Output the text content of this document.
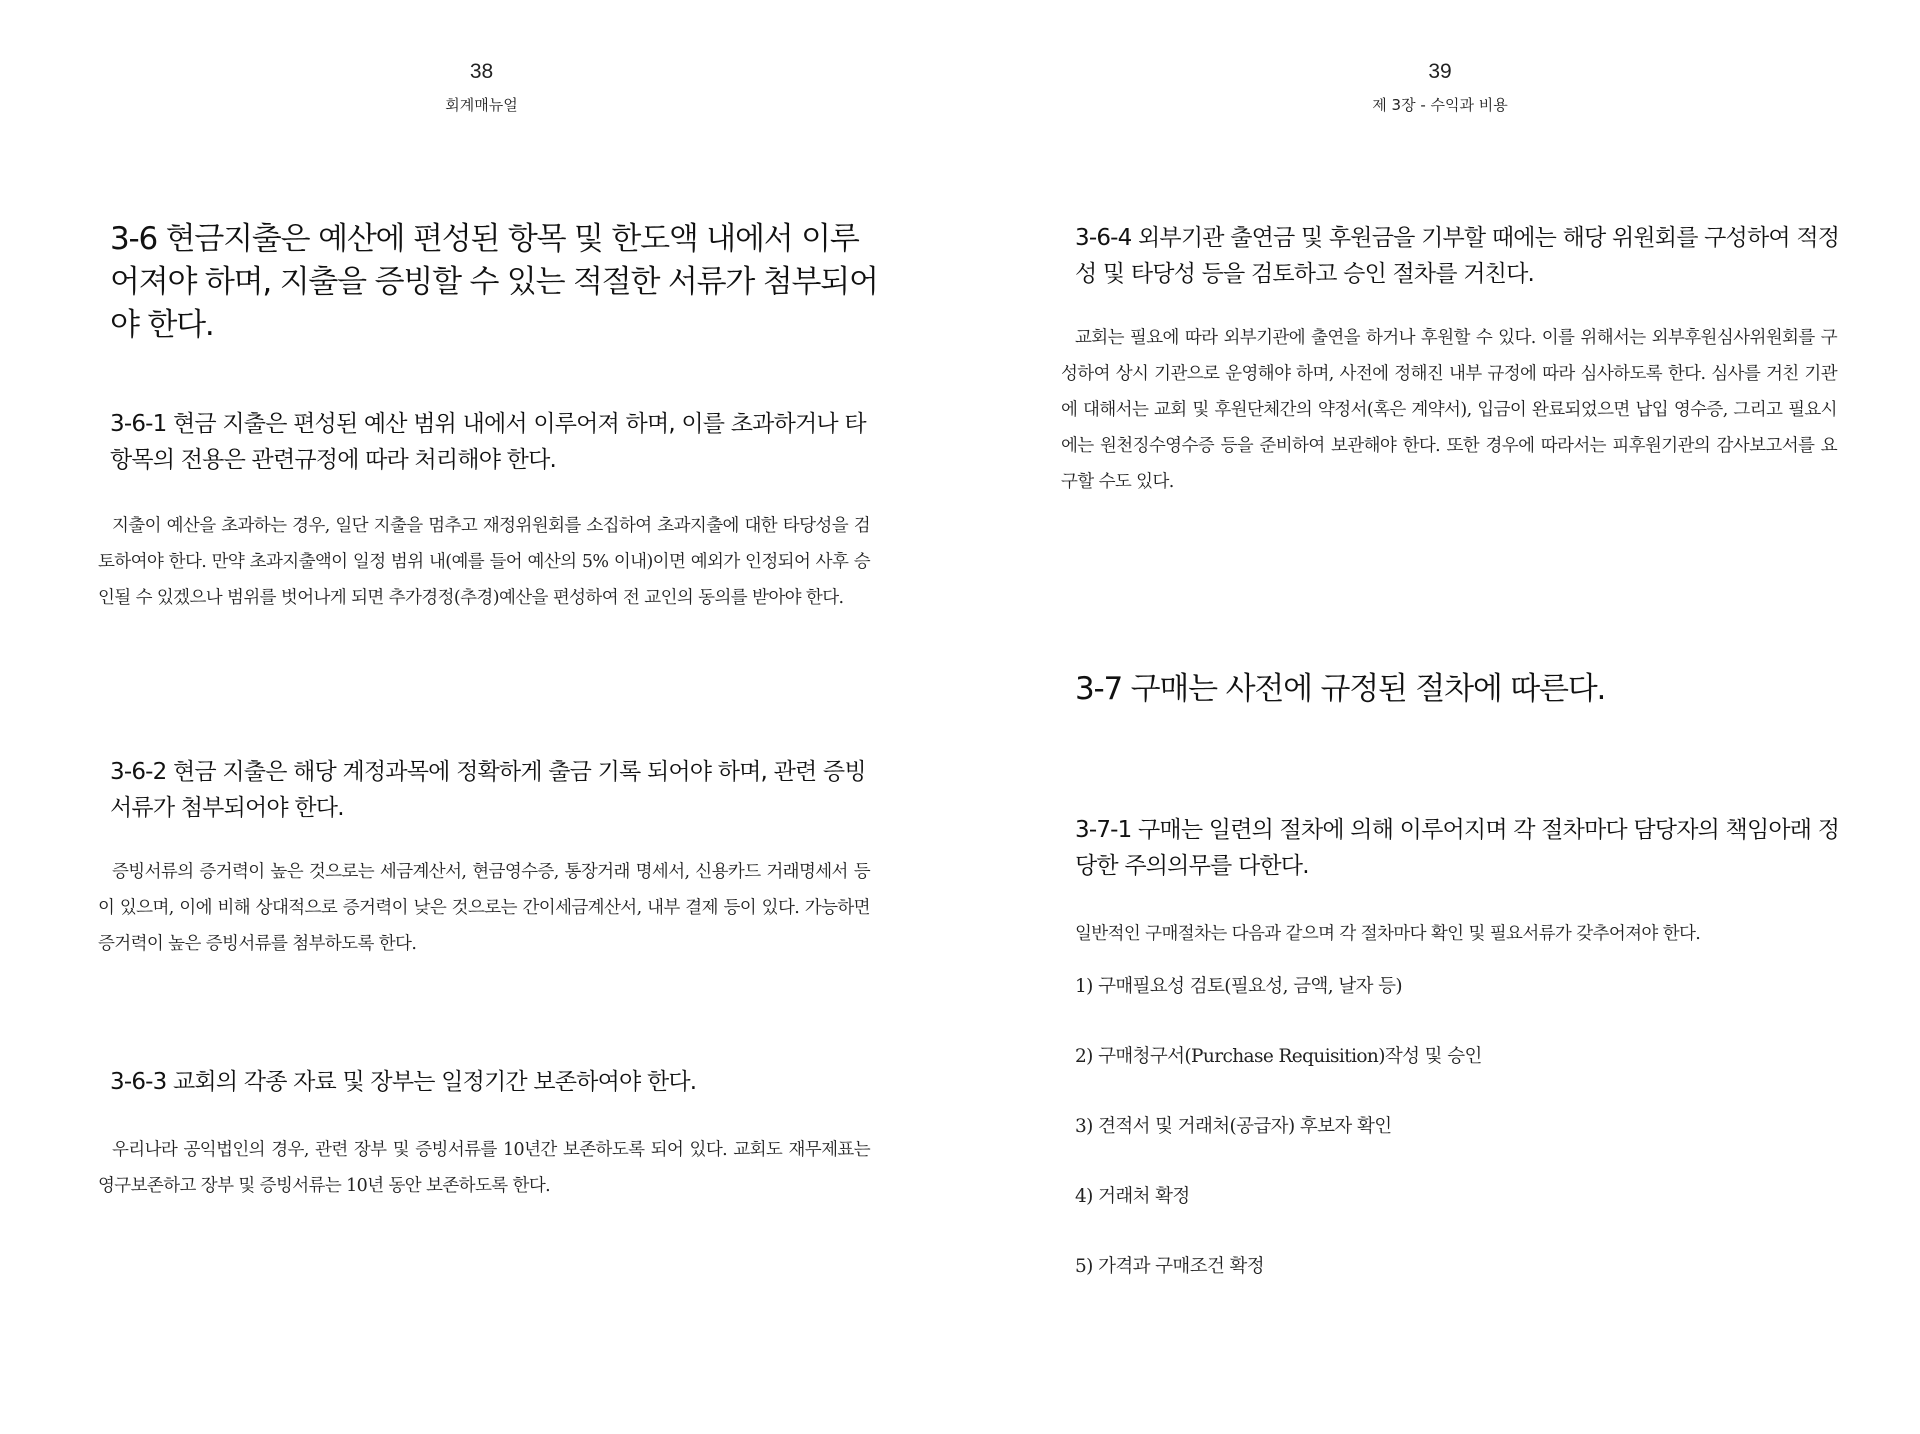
38
회계매뉴얼
3-6 현금지출은 예산에 편성된 항목 및 한도액 내에서 이루어져야 하며, 지출을 증빙할 수 있는 적절한 서류가 첨부되어야 한다.
3-6-1 현금 지출은 편성된 예산 범위 내에서 이루어져 하며, 이를 초과하거나 타 항목의 전용은 관련규정에 따라 처리해야 한다.

지출이 예산을 초과하는 경우, 일단 지출을 멈추고 재정위원회를 소집하여 초과지출에 대한 타당성을 검토하여야 한다. 만약 초과지출액이 일정 범위 내(예를 들어 예산의 5% 이내)이면 예외가 인정되어 사후 승인될 수 있겠으나 범위를 벗어나게 되면 추가경정(추경)예산을 편성하여 전 교인의 동의를 받아야 한다.

3-6-2 현금 지출은 해당 계정과목에 정확하게 출금 기록 되어야 하며, 관련 증빙서류가 첨부되어야 한다.

증빙서류의 증거력이 높은 것으로는 세금계산서, 현금영수증, 통장거래 명세서, 신용카드 거래명세서 등이 있으며, 이에 비해 상대적으로 증거력이 낮은 것으로는 간이세금계산서, 내부 결제 등이 있다. 가능하면 증거력이 높은 증빙서류를 첨부하도록 한다.

3-6-3 교회의 각종 자료 및 장부는 일정기간 보존하여야 한다.

우리나라 공익법인의 경우, 관련 장부 및 증빙서류를 10년간 보존하도록 되어 있다. 교회도 재무제표는 영구보존하고 장부 및 증빙서류는 10년 동안 보존하도록 한다.

39
제 3장 - 수익과 비용
3-6-4 외부기관 출연금 및 후원금을 기부할 때에는 해당 위원회를 구성하여 적정성 및 타당성 등을 검토하고 승인 절차를 거친다.

교회는 필요에 따라 외부기관에 출연을 하거나 후원할 수 있다. 이를 위해서는 외부후원심사위원회를 구성하여 상시 기관으로 운영해야 하며, 사전에 정해진 내부 규정에 따라 심사하도록 한다. 심사를 거친 기관에 대해서는 교회 및 후원단체간의 약정서(혹은 계약서), 입금이 완료되었으면 납입 영수증, 그리고 필요시에는 원천징수영수증 등을 준비하여 보관해야 한다. 또한 경우에 따라서는 피후원기관의 감사보고서를 요구할 수도 있다.

3-7 구매는 사전에 규정된 절차에 따른다.
3-7-1 구매는 일련의 절차에 의해 이루어지며 각 절차마다 담당자의 책임아래 정당한 주의의무를 다한다.

일반적인 구매절차는 다음과 같으며 각 절차마다 확인 및 필요서류가 갖추어져야 한다.

1) 구매필요성 검토(필요성, 금액, 날자 등)

2) 구매청구서(Purchase Requisition)작성 및 승인

3) 견적서 및 거래처(공급자) 후보자 확인

4) 거래처 확정

5) 가격과 구매조건 확정
